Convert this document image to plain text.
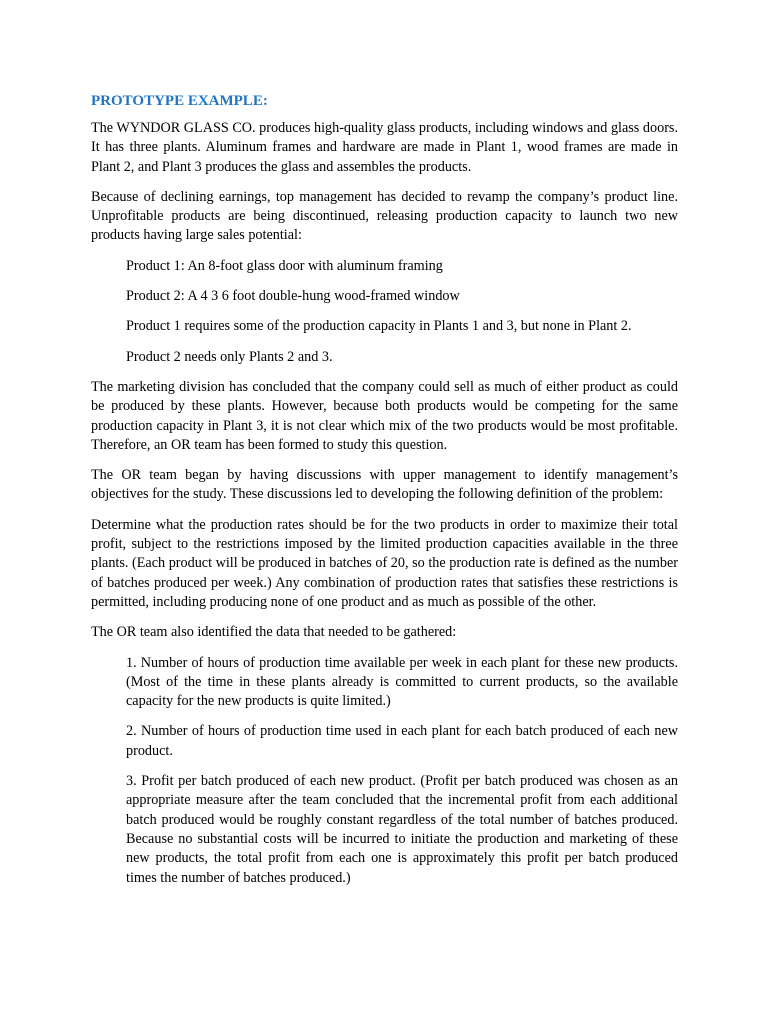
PROTOTYPE EXAMPLE:

The WYNDOR GLASS CO. produces high-quality glass products, including windows and glass doors. It has three plants. Aluminum frames and hardware are made in Plant 1, wood frames are made in Plant 2, and Plant 3 produces the glass and assembles the products.

Because of declining earnings, top management has decided to revamp the company’s product line. Unprofitable products are being discontinued, releasing production capacity to launch two new products having large sales potential:

Product 1: An 8-foot glass door with aluminum framing

Product 2: A 4 3 6 foot double-hung wood-framed window

Product 1 requires some of the production capacity in Plants 1 and 3, but none in Plant 2.

Product 2 needs only Plants 2 and 3.

The marketing division has concluded that the company could sell as much of either product as could be produced by these plants. However, because both products would be competing for the same production capacity in Plant 3, it is not clear which mix of the two products would be most profitable. Therefore, an OR team has been formed to study this question.

The OR team began by having discussions with upper management to identify management’s objectives for the study. These discussions led to developing the following definition of the problem:

Determine what the production rates should be for the two products in order to maximize their total profit, subject to the restrictions imposed by the limited production capacities available in the three plants. (Each product will be produced in batches of 20, so the production rate is defined as the number of batches produced per week.) Any combination of production rates that satisfies these restrictions is permitted, including producing none of one product and as much as possible of the other.

The OR team also identified the data that needed to be gathered:

1. Number of hours of production time available per week in each plant for these new products. (Most of the time in these plants already is committed to current products, so the available capacity for the new products is quite limited.)

2. Number of hours of production time used in each plant for each batch produced of each new product.

3. Profit per batch produced of each new product. (Profit per batch produced was chosen as an appropriate measure after the team concluded that the incremental profit from each additional batch produced would be roughly constant regardless of the total number of batches produced. Because no substantial costs will be incurred to initiate the production and marketing of these new products, the total profit from each one is approximately this profit per batch produced times the number of batches produced.)
